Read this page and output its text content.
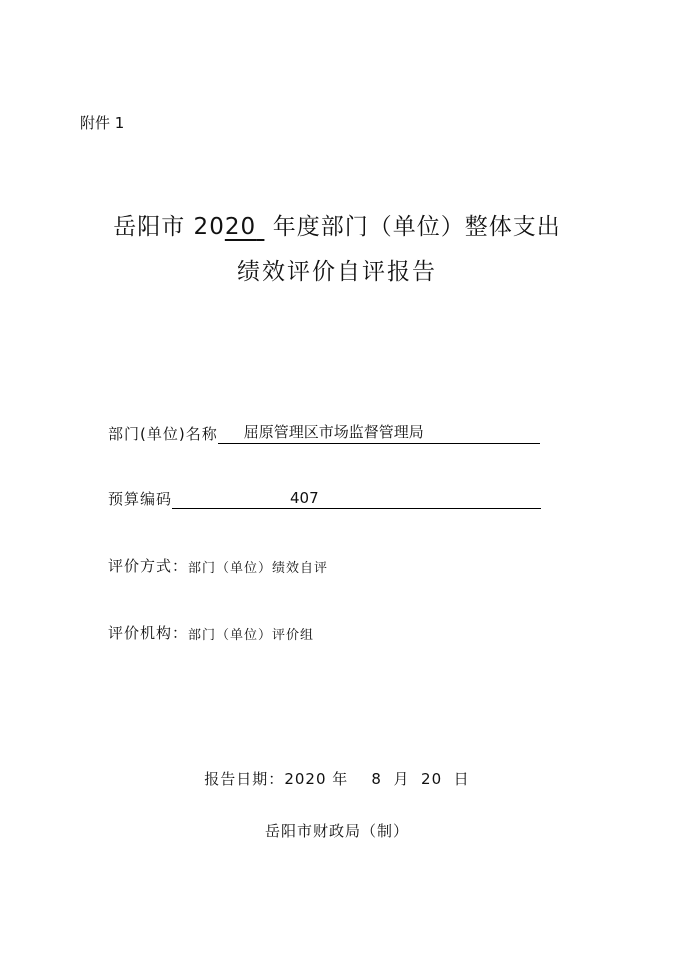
附件 1
岳阳市 2020  年度部门（单位）整体支出
绩效评价自评报告
部门(单位)名称 屈原管理区市场监督管理局
预算编码	407
评价方式： 部门（单位）绩效自评
评价机构： 部门（单位）评价组
报告日期：2020 年 8 月 20 日
岳阳市财政局（制）
